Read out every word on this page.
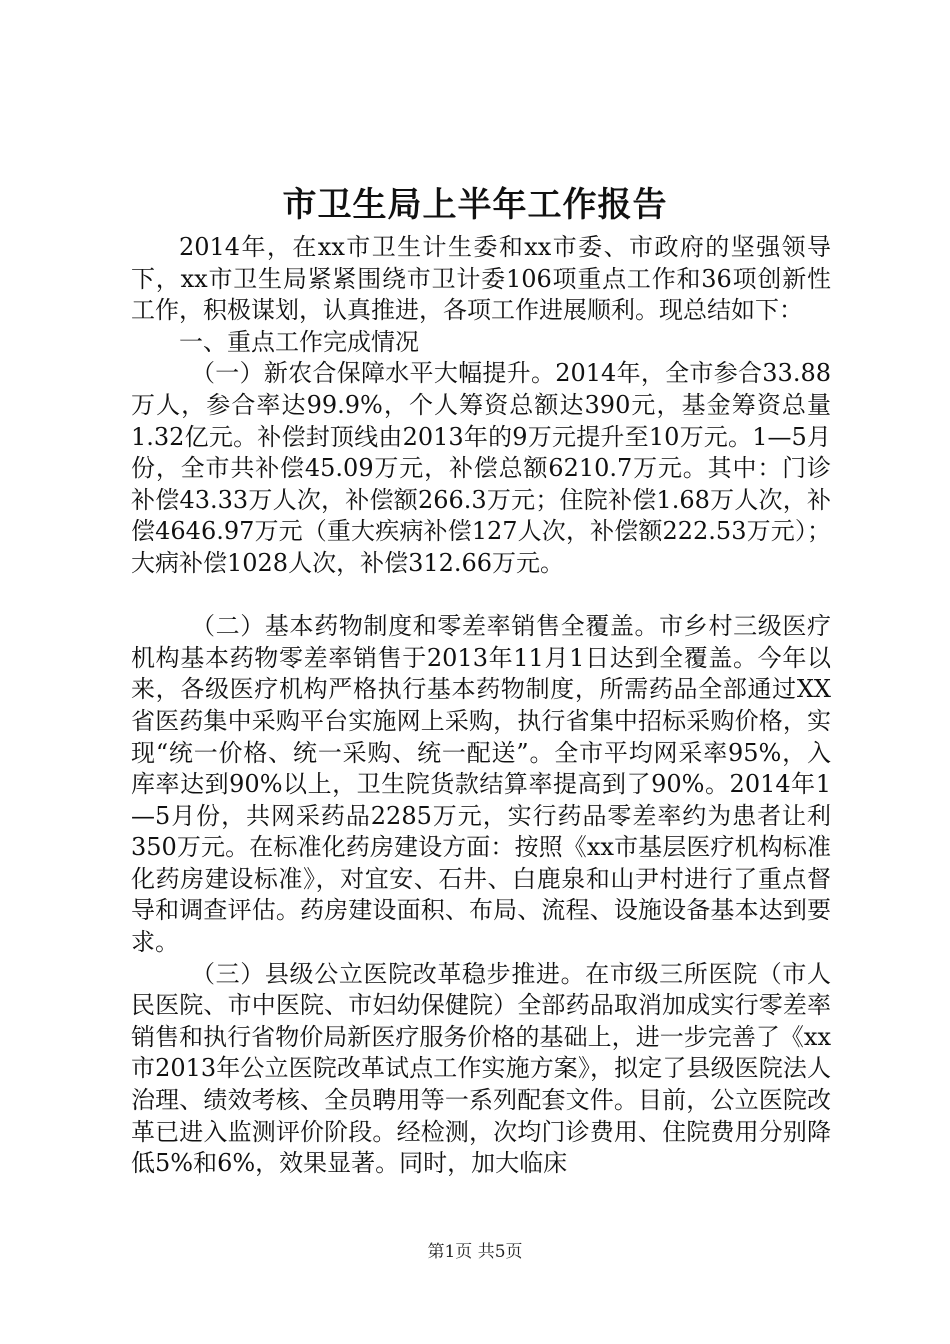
市卫生局上半年工作报告

2014年，在xx市卫生计生委和xx市委、市政府的坚强领导下，xx市卫生局紧紧围绕市卫计委106项重点工作和36项创新性工作，积极谋划，认真推进，各项工作进展顺利。现总结如下：

一、重点工作完成情况

（一）新农合保障水平大幅提升。2014年，全市参合33.88万人，参合率达99.9%，个人筹资总额达390元，基金筹资总量1.32亿元。补偿封顶线由2013年的9万元提升至10万元。1—5月份，全市共补偿45.09万元，补偿总额6210.7万元。其中：门诊补偿43.33万人次，补偿额266.3万元；住院补偿1.68万人次，补偿4646.97万元（重大疾病补偿127人次，补偿额222.53万元）；大病补偿1028人次，补偿312.66万元。

（二）基本药物制度和零差率销售全覆盖。市乡村三级医疗机构基本药物零差率销售于2013年11月1日达到全覆盖。今年以来，各级医疗机构严格执行基本药物制度，所需药品全部通过XX省医药集中采购平台实施网上采购，执行省集中招标采购价格，实现“统一价格、统一采购、统一配送”。全市平均网采率95%，入库率达到90%以上，卫生院货款结算率提高到了90%。2014年1—5月份，共网采药品2285万元，实行药品零差率约为患者让利350万元。在标准化药房建设方面：按照《xx市基层医疗机构标准化药房建设标准》，对宜安、石井、白鹿泉和山尹村进行了重点督导和调查评估。药房建设面积、布局、流程、设施设备基本达到要求。

（三）县级公立医院改革稳步推进。在市级三所医院（市人民医院、市中医院、市妇幼保健院）全部药品取消加成实行零差率销售和执行省物价局新医疗服务价格的基础上，进一步完善了《xx市2013年公立医院改革试点工作实施方案》，拟定了县级医院法人治理、绩效考核、全员聘用等一系列配套文件。目前，公立医院改革已进入监测评价阶段。经检测，次均门诊费用、住院费用分别降低5%和6%，效果显著。同时，加大临床

第1页 共5页
